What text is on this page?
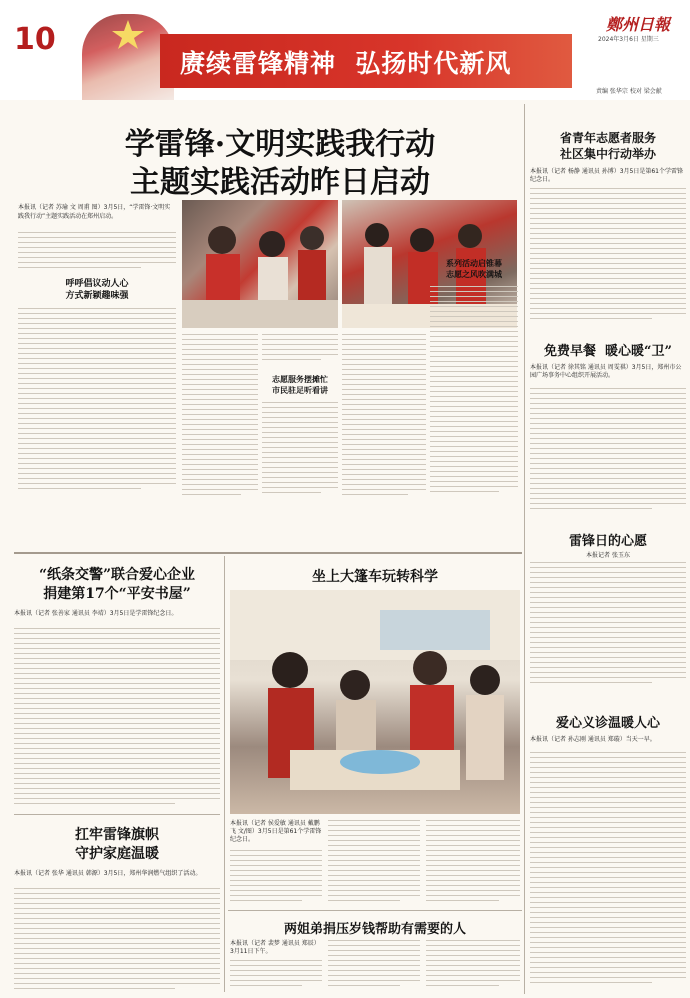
10
赓续雷锋精神  弘扬时代新风
鄭州日報
2024年3月6日 星期三
责编 张华宗 校对 梁会献
学雷锋·文明实践我行动
主题实践活动昨日启动
本报讯（记者 苏瑜 文 周甫 图）3月5日，“学雷锋·文明实践我行动”主题实践活动在郑州启动。
呼呼倡议动人心
方式新颖趣味强
志愿服务摆摊忙
市民驻足听看讲
系列活动启锥幕
志愿之风吹满城
省青年志愿者服务
社区集中行动举办
本报讯（记者 杨静 通讯员 孙博）3月5日是第61个学雷锋纪念日。
免费早餐  暖心暖“卫”
本报讯（记者 徐其铭 通讯员 周雯祺）3月5日，郑州市公园广场事务中心组织开展活动。
雷锋日的心愿
本报记者 张玉东
爱心义诊温暖人心
本报讯（记者 孙志刚 通讯员 郑璇）当天一早。
“纸条交警”联合爱心企业
捐建第17个“平安书屋”
本报讯（记者 张善家 通讯员 李靖）3月5日是学雷锋纪念日。
扛牢雷锋旗帜
守护家庭温暖
本报讯（记者 张华 通讯员 韩源）3月5日，郑州华润燃气组织了活动。
坐上大篷车玩转科学
本报讯（记者 侯爱敏 通讯员 戴鹏飞 文/图）3月5日是第61个学雷锋纪念日。
两姐弟捐压岁钱帮助有需要的人
本报讯（记者 裴梦 通讯员 郑辰）3月11日下午。
